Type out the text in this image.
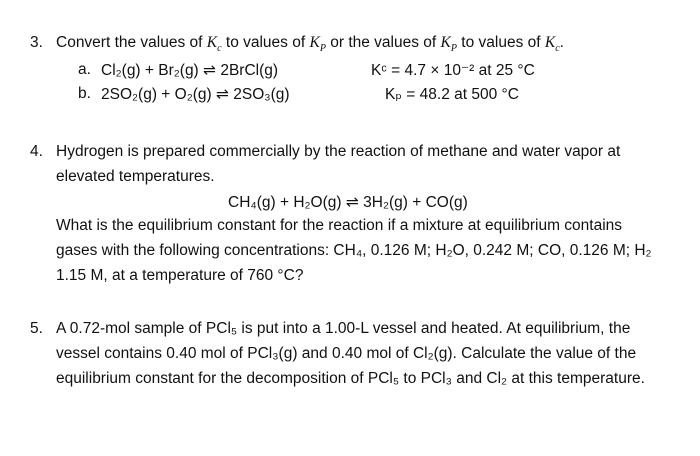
3. Convert the values of $K_c$ to values of $K_P$ or the values of $K_P$ to values of $K_c$.
a. Cl₂(g) + Br₂(g) ⇌ 2BrCl(g)	Kᶜ = 4.7 × 10⁻² at 25 °C
b. 2SO₂(g) + O₂(g) ⇌ 2SO₃(g)	Kₚ = 48.2 at 500 °C
4. Hydrogen is prepared commercially by the reaction of methane and water vapor at
elevated temperatures.
CH₄(g) + H₂O(g) ⇌ 3H₂(g) + CO(g)
What is the equilibrium constant for the reaction if a mixture at equilibrium contains
gases with the following concentrations: CH₄, 0.126 M; H₂O, 0.242 M; CO, 0.126 M; H₂
1.15 M, at a temperature of 760 °C?
5. A 0.72-mol sample of PCl₅ is put into a 1.00-L vessel and heated. At equilibrium, the
vessel contains 0.40 mol of PCl₃(g) and 0.40 mol of Cl₂(g). Calculate the value of the
equilibrium constant for the decomposition of PCl₅ to PCl₃ and Cl₂ at this temperature.
